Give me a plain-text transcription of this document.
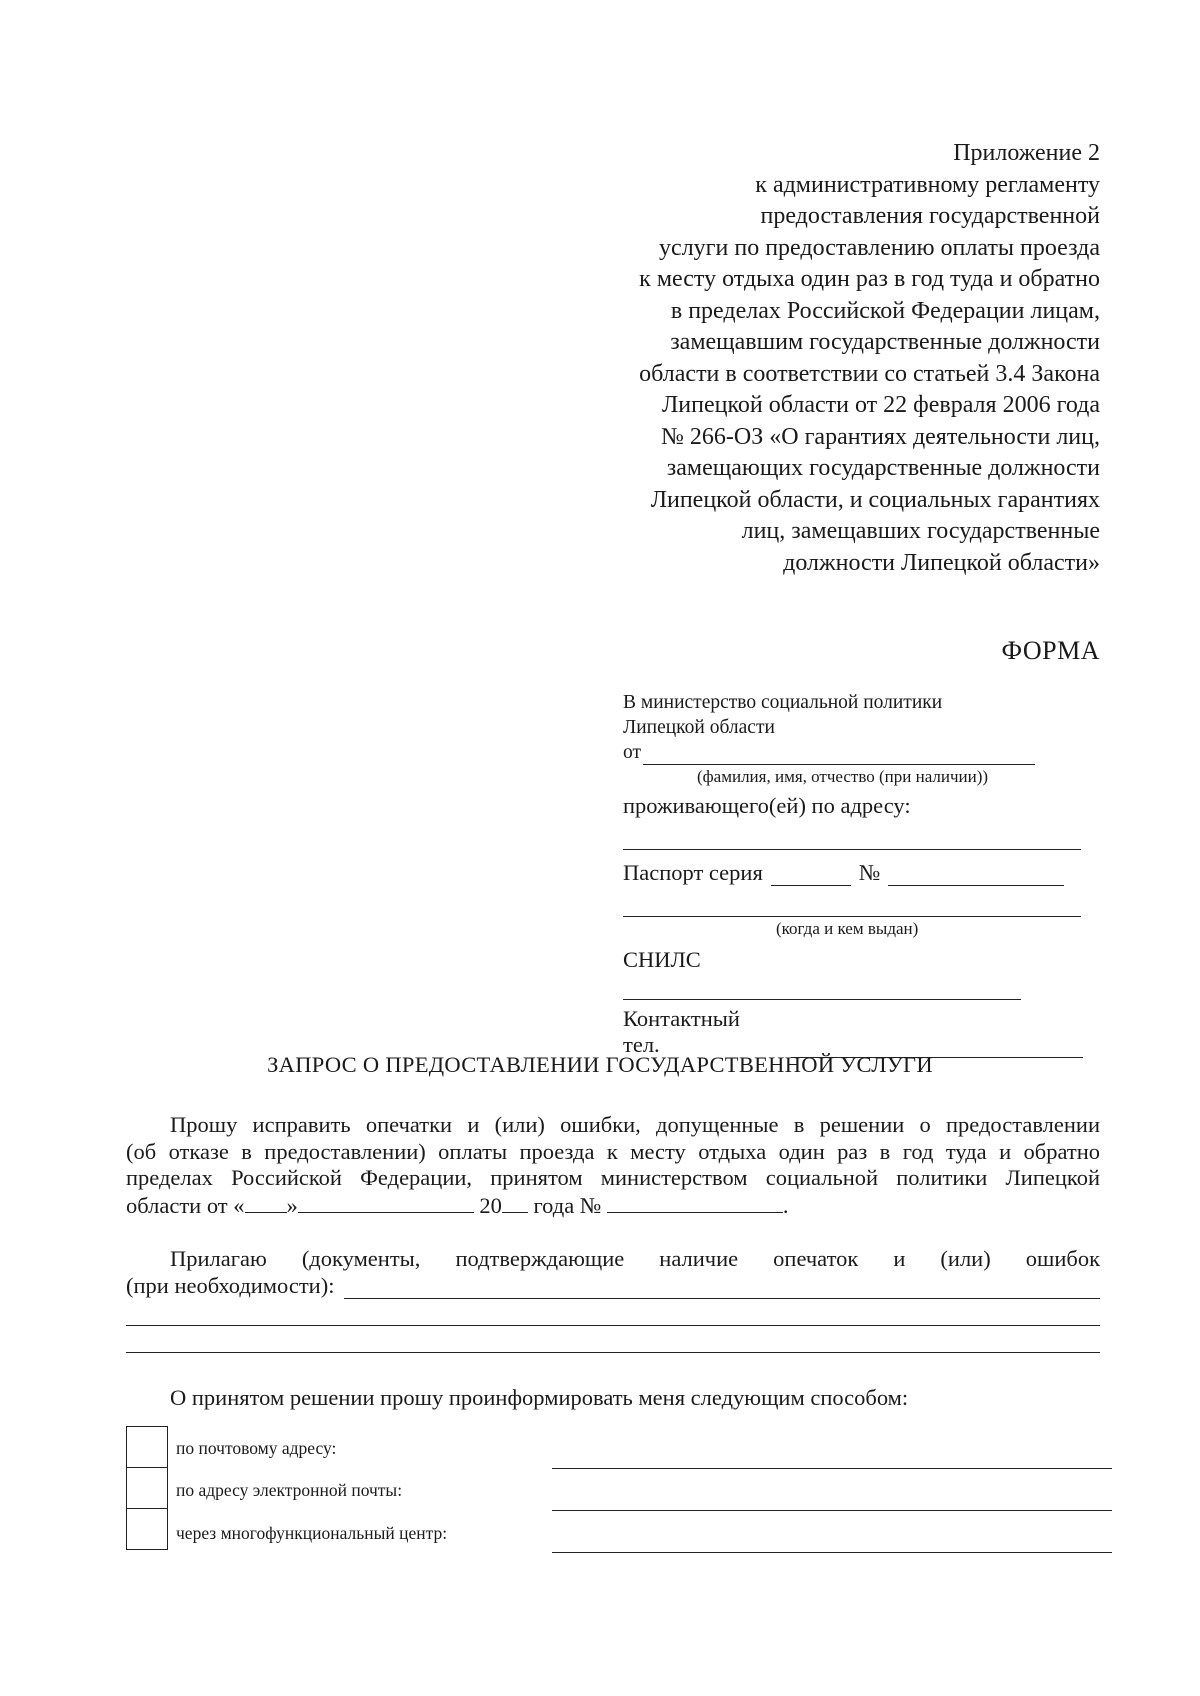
Приложение 2
к административному регламенту
предоставления государственной
услуги по предоставлению оплаты проезда
к месту отдыха один раз в год туда и обратно
в пределах Российской Федерации лицам,
замещавшим государственные должности
области в соответствии со статьей 3.4 Закона
Липецкой области от 22 февраля 2006 года
№ 266-ОЗ «О гарантиях деятельности лиц,
замещающих государственные должности
Липецкой области, и социальных гарантиях
лиц, замещавших государственные
должности Липецкой области»
ФОРМА
В министерство социальной политики
Липецкой области
от
(фамилия, имя, отчество (при наличии))
проживающего(ей) по адресу:
Паспорт серия	№
(когда и кем выдан)
СНИЛС
Контактный тел.
ЗАПРОС О ПРЕДОСТАВЛЕНИИ ГОСУДАРСТВЕННОЙ УСЛУГИ
Прошу исправить опечатки и (или) ошибки, допущенные в решении о предоставлении
(об отказе в предоставлении) оплаты проезда к месту отдыха один раз в год туда и обратно
пределах Российской Федерации, принятом министерством социальной политики Липецкой
области от « »	20 года №	.
Прилагаю (документы, подтверждающие наличие опечаток и (или) ошибок
(при необходимости):
О принятом решении прошу проинформировать меня следующим способом:
по почтовому адресу:
по адресу электронной почты:
через многофункциональный центр:
